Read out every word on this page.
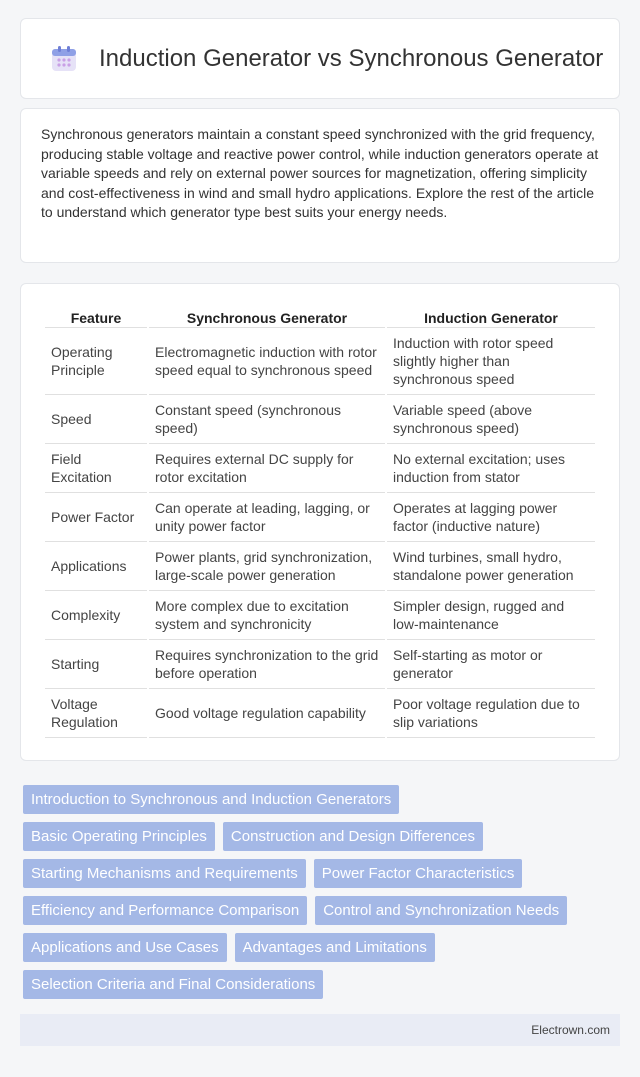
Induction Generator vs Synchronous Generator

Synchronous generators maintain a constant speed synchronized with the grid frequency, producing stable voltage and reactive power control, while induction generators operate at variable speeds and rely on external power sources for magnetization, offering simplicity and cost-effectiveness in wind and small hydro applications. Explore the rest of the article to understand which generator type best suits your energy needs.

Feature	Synchronous Generator	Induction Generator
Operating Principle	Electromagnetic induction with rotor speed equal to synchronous speed	Induction with rotor speed slightly higher than synchronous speed
Speed	Constant speed (synchronous speed)	Variable speed (above synchronous speed)
Field Excitation	Requires external DC supply for rotor excitation	No external excitation; uses induction from stator
Power Factor	Can operate at leading, lagging, or unity power factor	Operates at lagging power factor (inductive nature)
Applications	Power plants, grid synchronization, large-scale power generation	Wind turbines, small hydro, standalone power generation
Complexity	More complex due to excitation system and synchronicity	Simpler design, rugged and low-maintenance
Starting	Requires synchronization to the grid before operation	Self-starting as motor or generator
Voltage Regulation	Good voltage regulation capability	Poor voltage regulation due to slip variations
Introduction to Synchronous and Induction Generators
Basic Operating Principles	Construction and Design Differences
Starting Mechanisms and Requirements	Power Factor Characteristics
Efficiency and Performance Comparison	Control and Synchronization Needs
Applications and Use Cases	Advantages and Limitations
Selection Criteria and Final Considerations
Electrown.com
